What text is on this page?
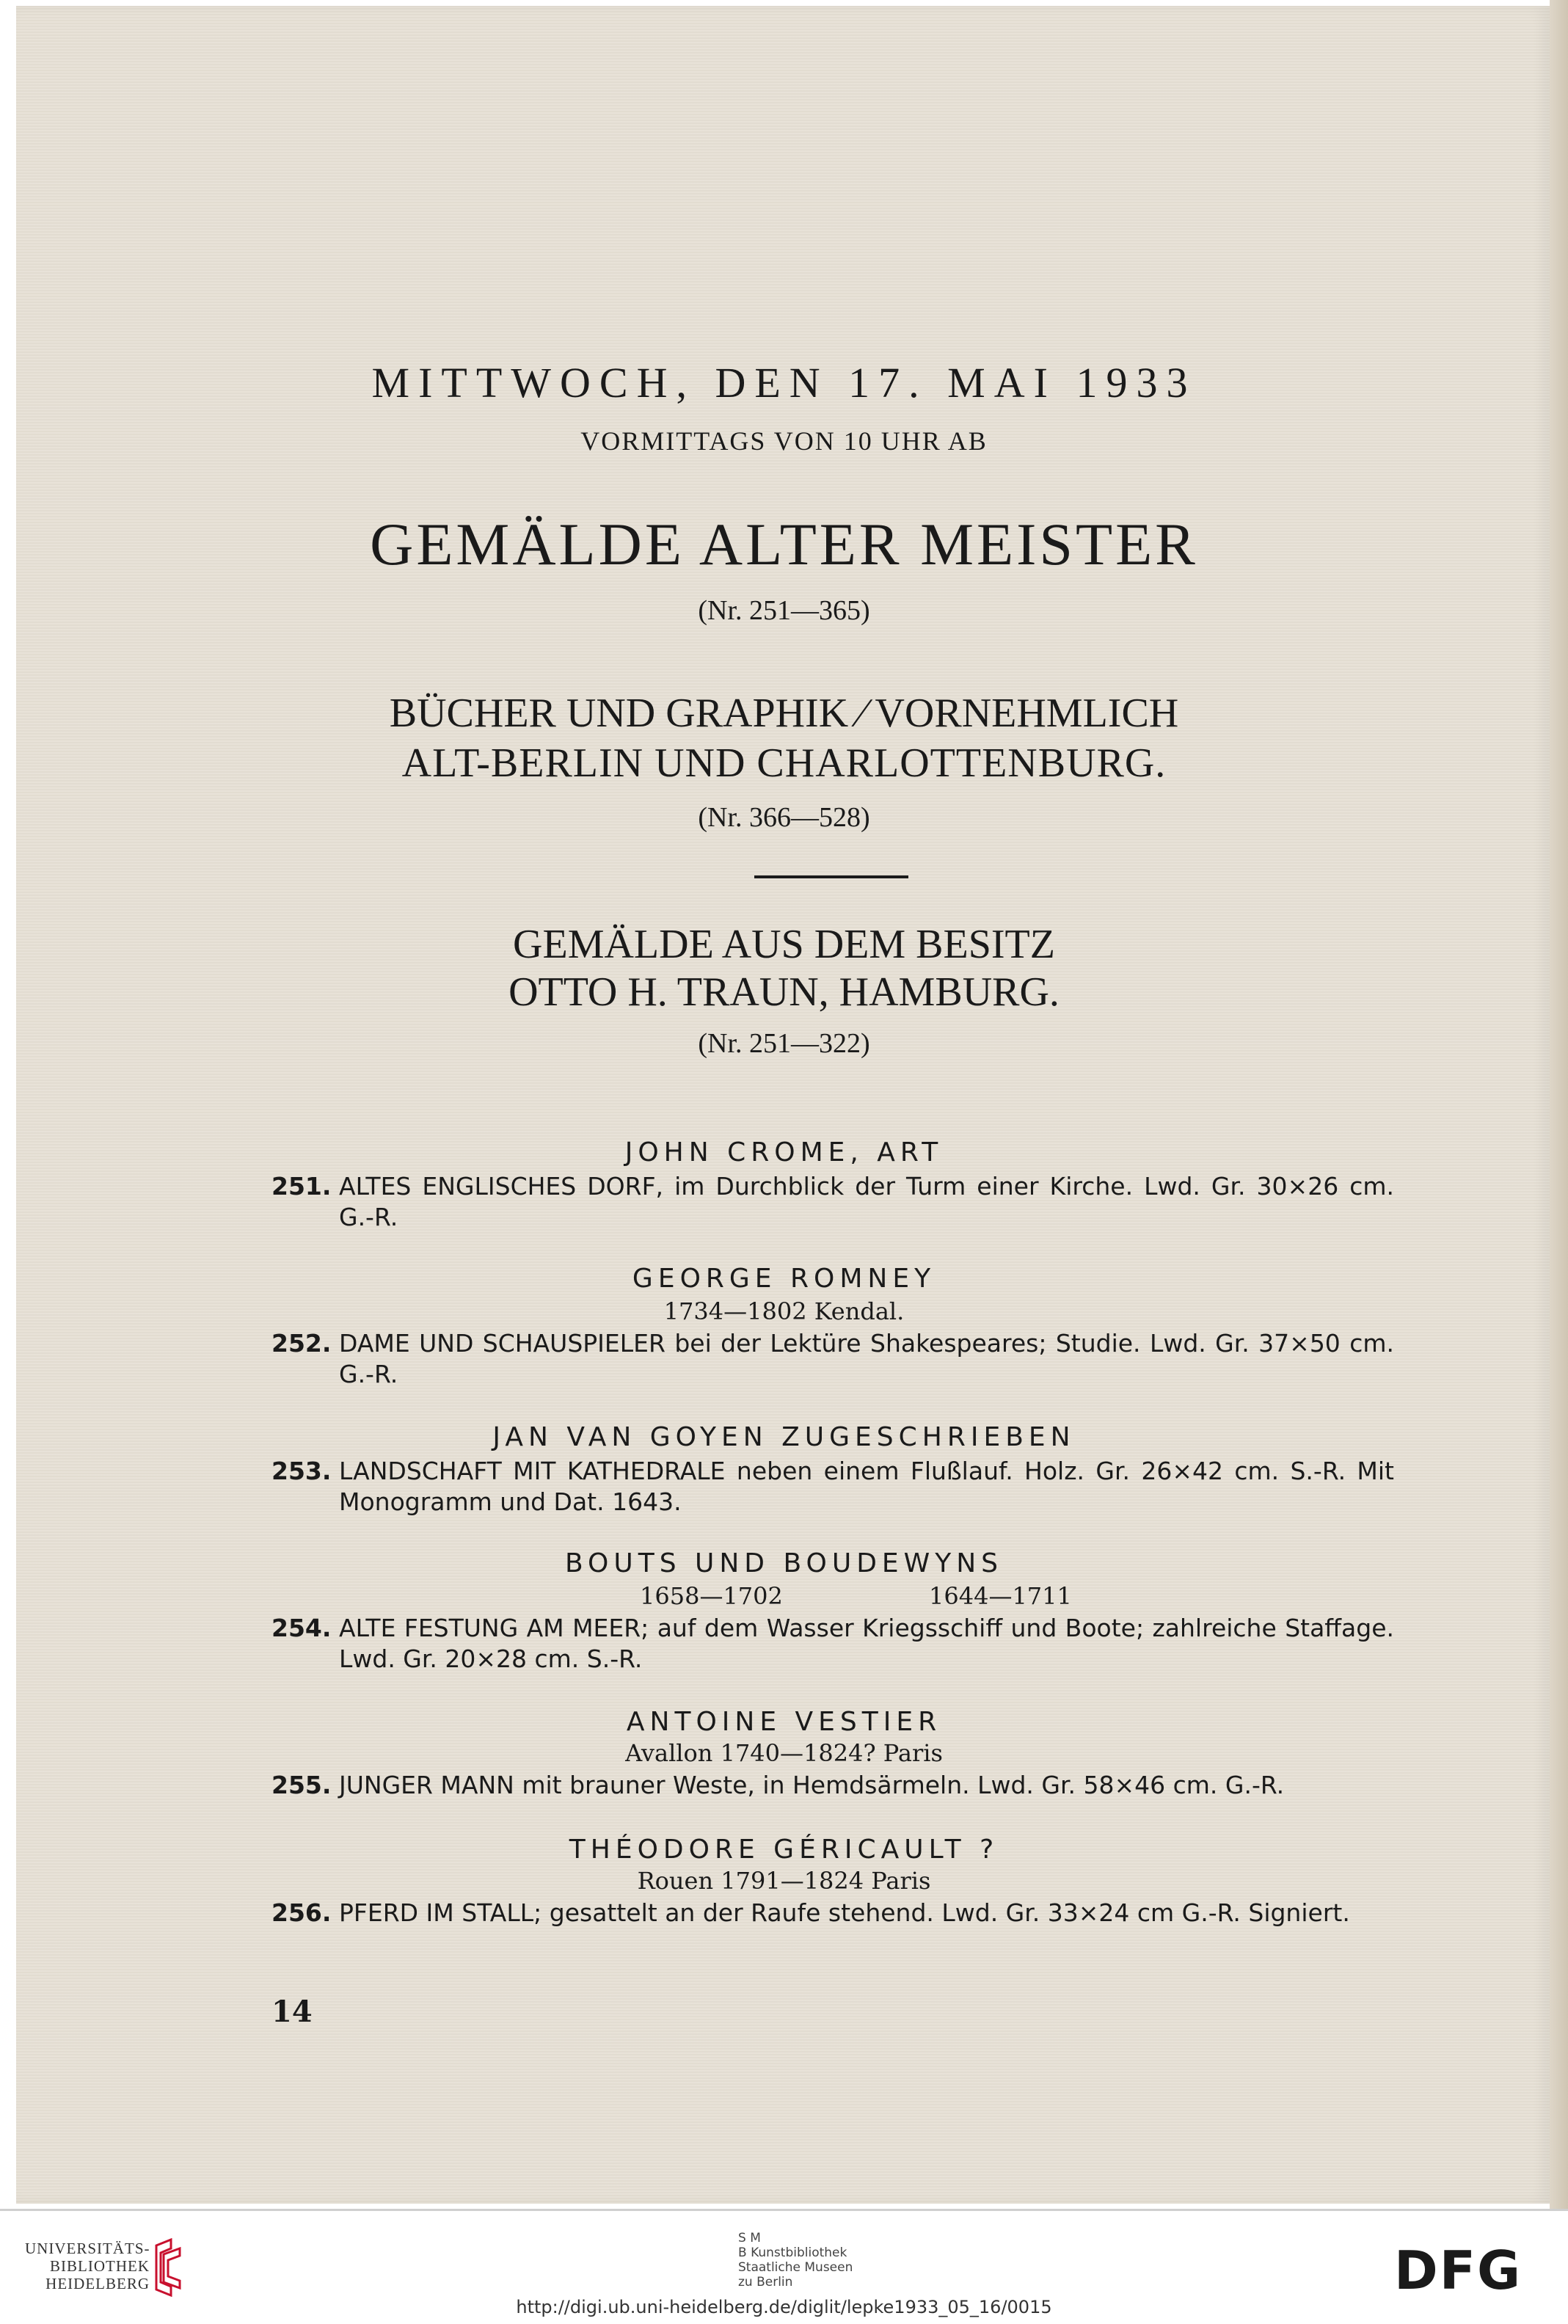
MITTWOCH, DEN 17. MAI 1933
VORMITTAGS VON 10 UHR AB
GEMÄLDE ALTER MEISTER
(Nr. 251—365)
BÜCHER UND GRAPHIK ⁄ VORNEHMLICH
ALT-BERLIN UND CHARLOTTENBURG.
(Nr. 366—528)
GEMÄLDE AUS DEM BESITZ
OTTO H. TRAUN, HAMBURG.
(Nr. 251—322)
JOHN CROME, ART
251. ALTES ENGLISCHES DORF, im Durchblick der Turm einer Kirche. Lwd. Gr. 30×26 cm. G.-R.
GEORGE ROMNEY
1734—1802 Kendal.
252. DAME UND SCHAUSPIELER bei der Lektüre Shakespeares; Studie. Lwd. Gr. 37×50 cm. G.-R.
JAN VAN GOYEN ZUGESCHRIEBEN
253. LANDSCHAFT MIT KATHEDRALE neben einem Flußlauf. Holz. Gr. 26×42 cm. S.-R. Mit Monogramm und Dat. 1643.
BOUTS UND BOUDEWYNS
1658—1702	1644—1711
254. ALTE FESTUNG AM MEER; auf dem Wasser Kriegsschiff und Boote; zahlreiche Staffage. Lwd. Gr. 20×28 cm. S.-R.
ANTOINE VESTIER
Avallon 1740—1824? Paris
255. JUNGER MANN mit brauner Weste, in Hemdsärmeln. Lwd. Gr. 58×46 cm. G.-R.
THÉODORE GÉRICAULT ?
Rouen 1791—1824 Paris
256. PFERD IM STALL; gesattelt an der Raufe stehend. Lwd. Gr. 33×24 cm G.-R. Signiert.
14
UNIVERSITÄTS-
BIBLIOTHEK
HEIDELBERG
S M
B Kunstbibliothek
Staatliche Museen
zu Berlin	DFG
http://digi.ub.uni-heidelberg.de/diglit/lepke1933_05_16/0015
